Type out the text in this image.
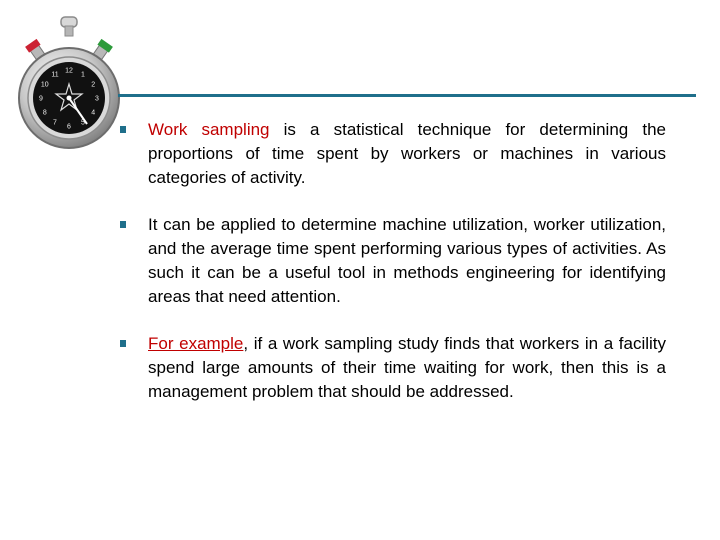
12
1
2
3
4
5
6
7
8
9
10
11
Work sampling is a statistical technique for determining the proportions of time spent by workers or machines in various categories of activity.
It can be applied to determine machine utilization, worker utilization, and the average time spent performing various types of activities. As such it can be a useful tool in methods engineering for identifying areas that need attention.
For example, if a work sampling study finds that workers in a facility spend large amounts of their time waiting for work, then this is a management problem that should be addressed.
